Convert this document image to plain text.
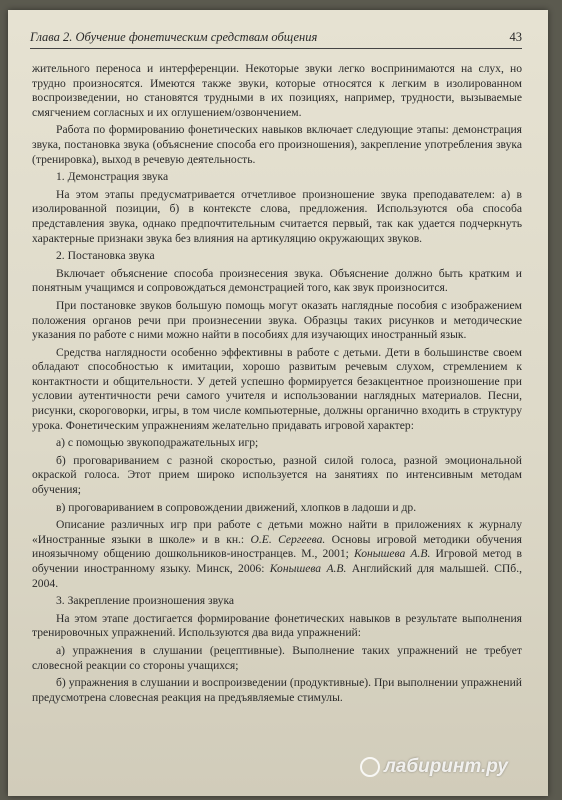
Глава 2. Обучение фонетическим средствам общения	43

жительного переноса и интерференции. Некоторые звуки легко воспринимаются на слух, но трудно произносятся. Имеются также звуки, которые относятся к легким в изолированном воспроизведении, но становятся трудными в их позициях, например, трудности, вызываемые смягчением согласных и их оглушением/озвончением.

Работа по формированию фонетических навыков включает следующие этапы: демонстрация звука, постановка звука (объяснение способа его произношения), закрепление употребления звука (тренировка), выход в речевую деятельность.

1. Демонстрация звука

На этом этапы предусматривается отчетливое произношение звука преподавателем: а) в изолированной позиции, б) в контексте слова, предложения. Используются оба способа представления звука, однако предпочтительным считается первый, так как удается подчеркнуть характерные признаки звука без влияния на артикуляцию окружающих звуков.

2. Постановка звука

Включает объяснение способа произнесения звука. Объяснение должно быть кратким и понятным учащимся и сопровождаться демонстрацией того, как звук произносится.

При постановке звуков большую помощь могут оказать наглядные пособия с изображением положения органов речи при произнесении звука. Образцы таких рисунков и методические указания по работе с ними можно найти в пособиях для изучающих иностранный язык.

Средства наглядности особенно эффективны в работе с детьми. Дети в большинстве своем обладают способностью к имитации, хорошо развитым речевым слухом, стремлением к контактности и общительности. У детей успешно формируется безакцентное произношение при условии аутентичности речи самого учителя и использовании наглядных материалов. Песни, рисунки, скороговорки, игры, в том числе компьютерные, должны органично входить в структуру урока. Фонетическим упражнениям желательно придавать игровой характер:

а) с помощью звукоподражательных игр;

б) проговариванием с разной скоростью, разной силой голоса, разной эмоциональной окраской голоса. Этот прием широко используется на занятиях по интенсивным методам обучения;

в) проговариванием в сопровождении движений, хлопков в ладоши и др.

Описание различных игр при работе с детьми можно найти в приложениях к журналу «Иностранные языки в школе» и в кн.: О.Е. Сергеева. Основы игровой методики обучения иноязычному общению дошкольников-иностранцев. М., 2001; Конышева А.В. Игровой метод в обучении иностранному языку. Минск, 2006: Конышева А.В. Английский для малышей. СПб., 2004.

3. Закрепление произношения звука

На этом этапе достигается формирование фонетических навыков в результате выполнения тренировочных упражнений. Используются два вида упражнений:

а) упражнения в слушании (рецептивные). Выполнение таких упражнений не требует словесной реакции со стороны учащихся;

б) упражнения в слушании и воспроизведении (продуктивные). При выполнении упражнений предусмотрена словесная реакция на предъявляемые стимулы.

лабиринт.ру
